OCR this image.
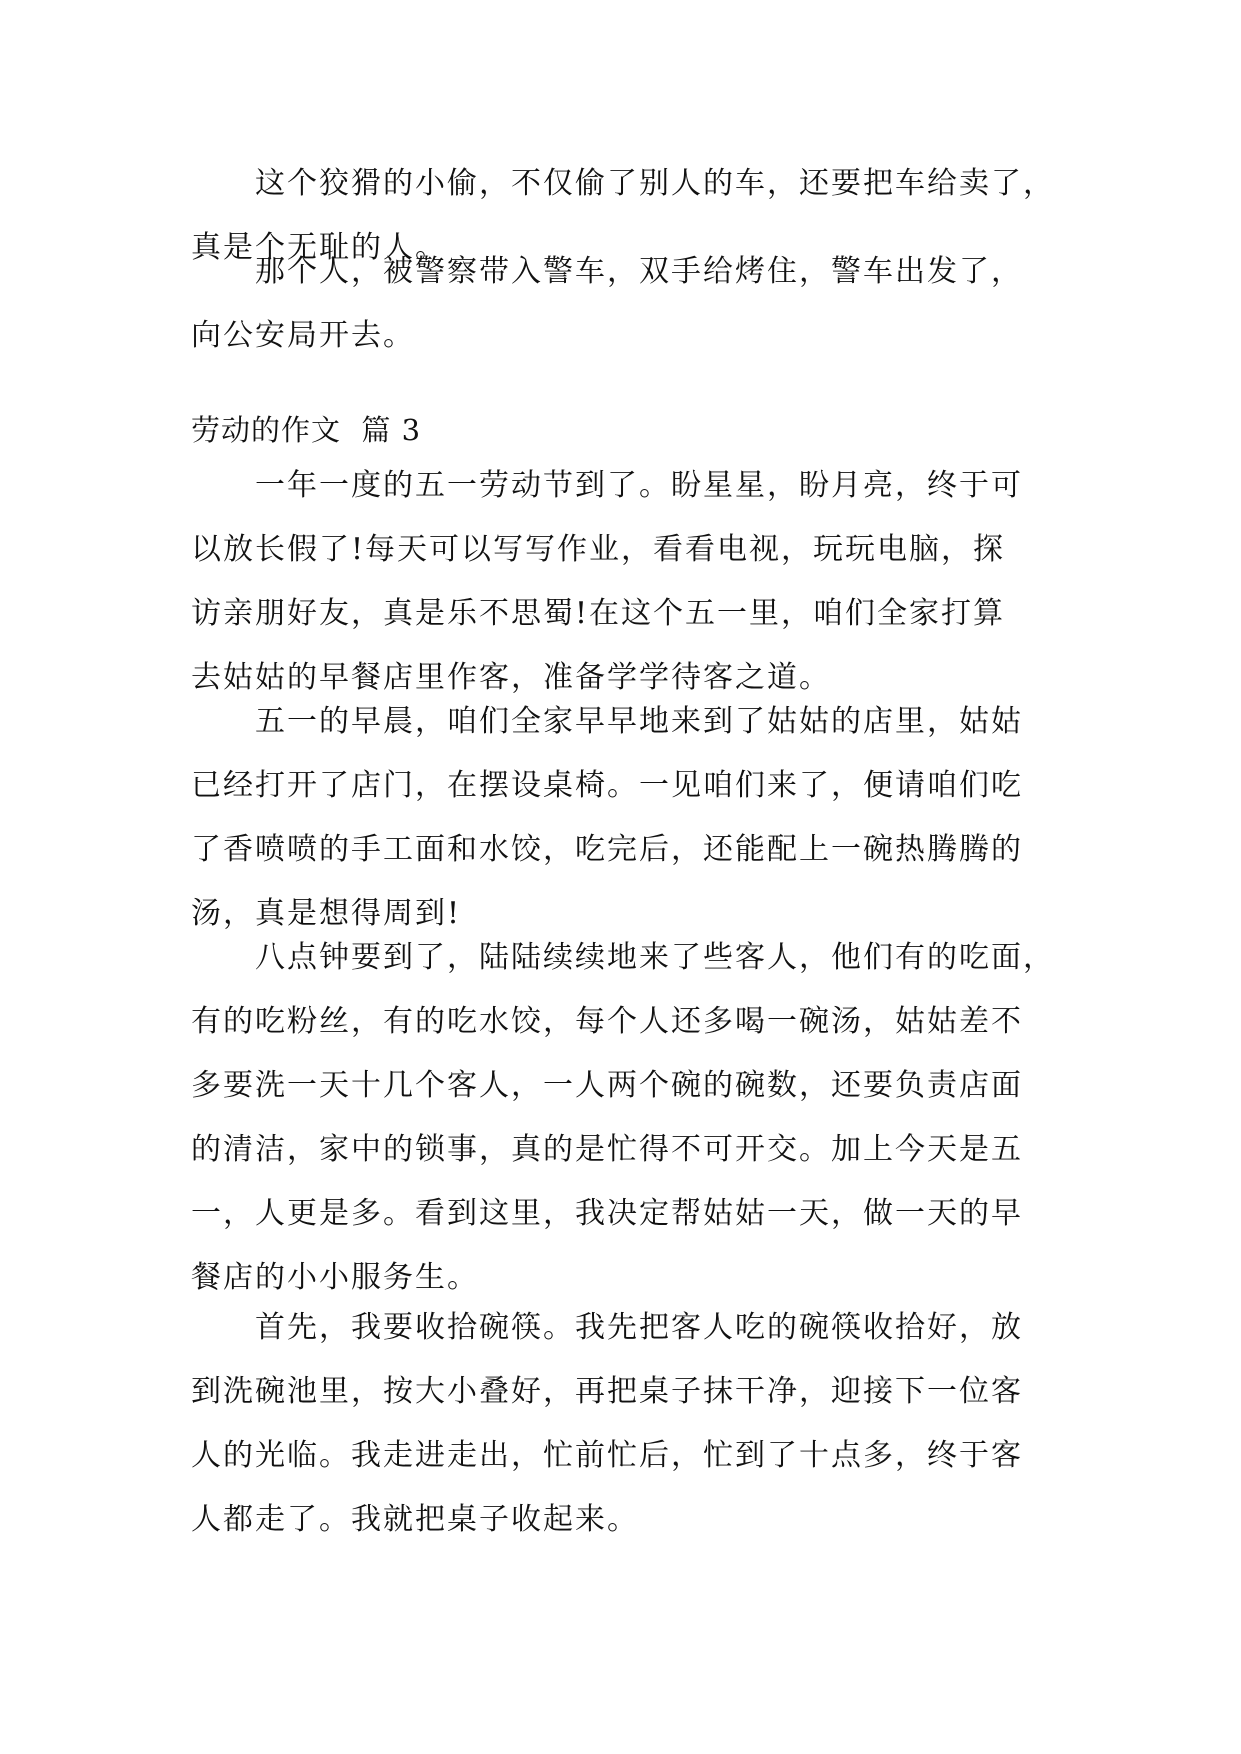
这个狡猾的小偷，不仅偷了别人的车，还要把车给卖了，
真是个无耻的人。
那个人，被警察带入警车，双手给烤住，警车出发了，
向公安局开去。
劳动的作文  篇 3
一年一度的五一劳动节到了。盼星星，盼月亮，终于可
以放长假了!每天可以写写作业，看看电视，玩玩电脑，探
访亲朋好友，真是乐不思蜀!在这个五一里，咱们全家打算
去姑姑的早餐店里作客，准备学学待客之道。
五一的早晨，咱们全家早早地来到了姑姑的店里，姑姑
已经打开了店门，在摆设桌椅。一见咱们来了，便请咱们吃
了香喷喷的手工面和水饺，吃完后，还能配上一碗热腾腾的
汤，真是想得周到!
八点钟要到了，陆陆续续地来了些客人，他们有的吃面，
有的吃粉丝，有的吃水饺，每个人还多喝一碗汤，姑姑差不
多要洗一天十几个客人，一人两个碗的碗数，还要负责店面
的清洁，家中的锁事，真的是忙得不可开交。加上今天是五
一，人更是多。看到这里，我决定帮姑姑一天，做一天的早
餐店的小小服务生。
首先，我要收拾碗筷。我先把客人吃的碗筷收拾好，放
到洗碗池里，按大小叠好，再把桌子抹干净，迎接下一位客
人的光临。我走进走出，忙前忙后，忙到了十点多，终于客
人都走了。我就把桌子收起来。
